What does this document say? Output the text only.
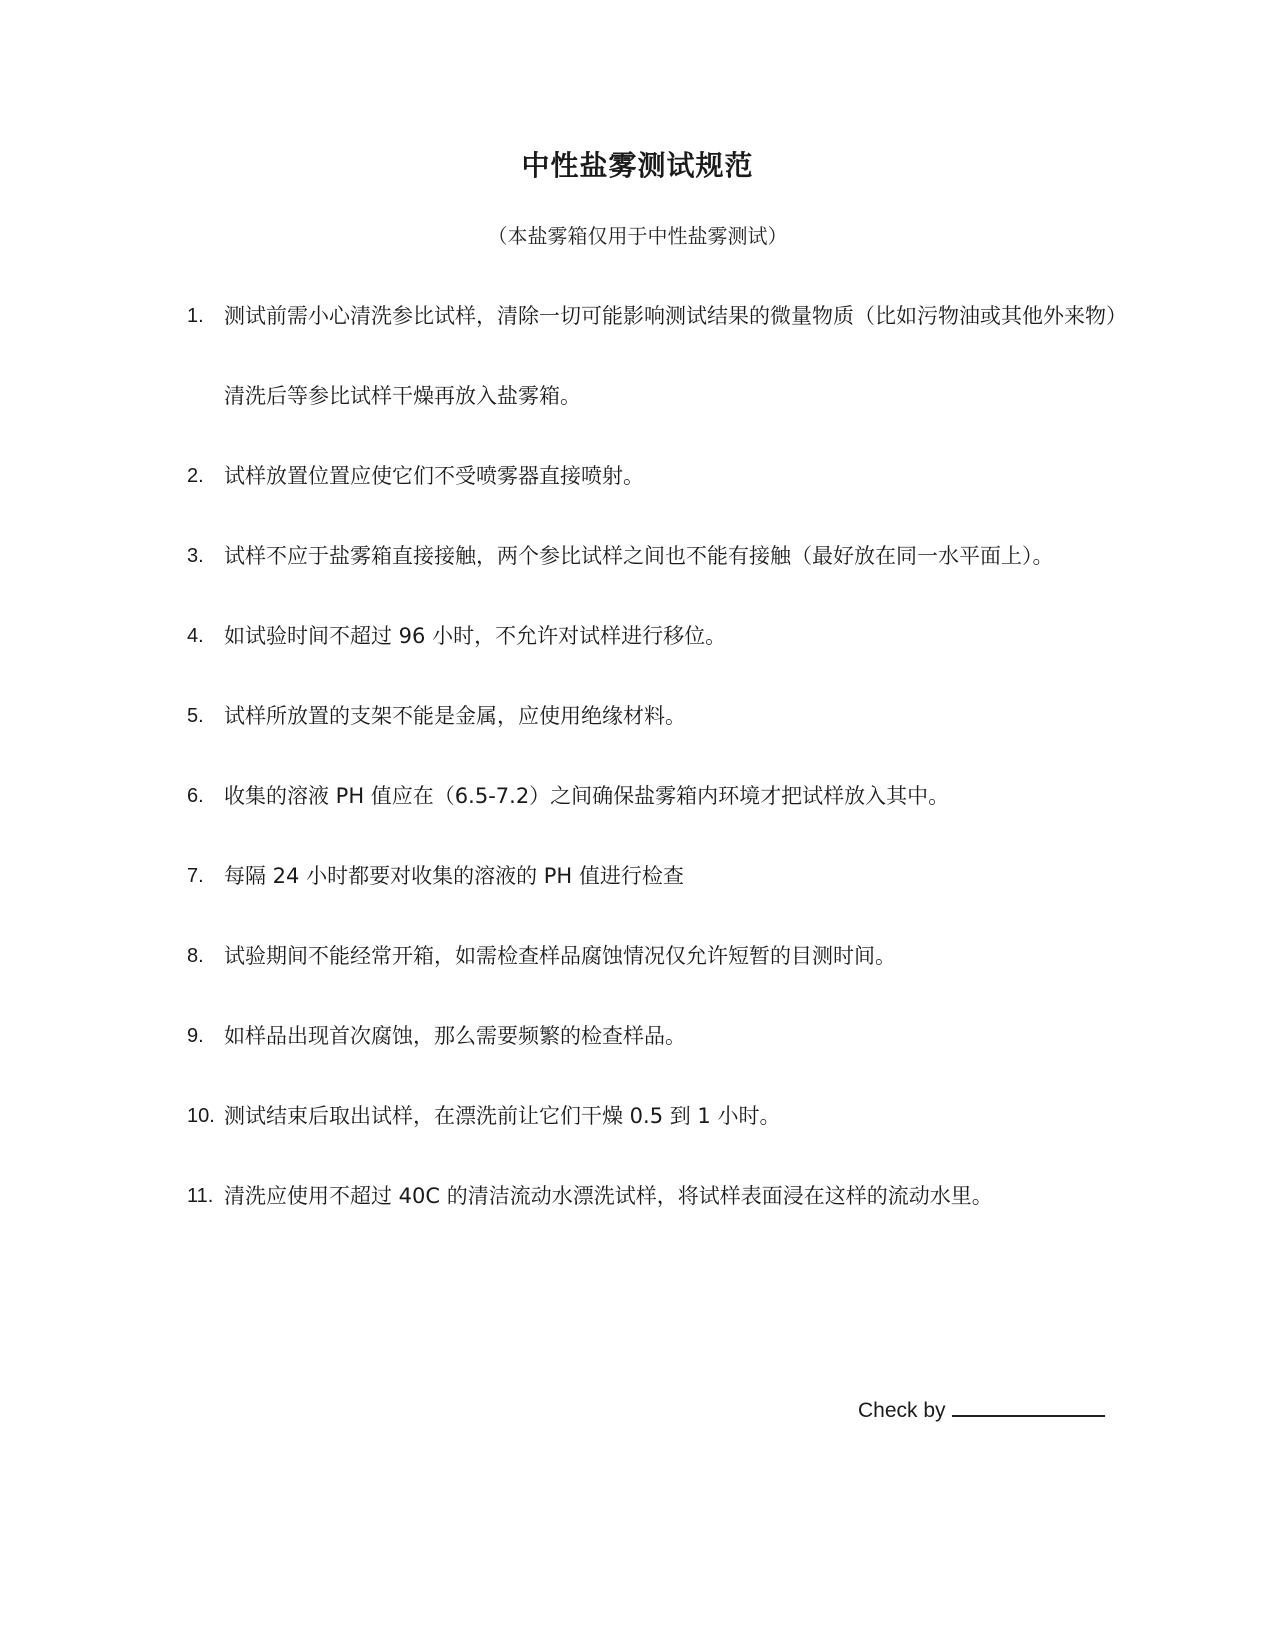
中性盐雾测试规范
（本盐雾箱仅用于中性盐雾测试）
1. 测试前需小心清洗参比试样，清除一切可能影响测试结果的微量物质（比如污物油或其他外来物）清洗后等参比试样干燥再放入盐雾箱。
2. 试样放置位置应使它们不受喷雾器直接喷射。
3. 试样不应于盐雾箱直接接触，两个参比试样之间也不能有接触（最好放在同一水平面上）。
4. 如试验时间不超过 96 小时，不允许对试样进行移位。
5. 试样所放置的支架不能是金属，应使用绝缘材料。
6. 收集的溶液 PH 值应在（6.5-7.2）之间确保盐雾箱内环境才把试样放入其中。
7. 每隔 24 小时都要对收集的溶液的 PH 值进行检查
8. 试验期间不能经常开箱，如需检查样品腐蚀情况仅允许短暂的目测时间。
9. 如样品出现首次腐蚀，那么需要频繁的检查样品。
10. 测试结束后取出试样，在漂洗前让它们干燥 0.5 到 1 小时。
11. 清洗应使用不超过 40C 的清洁流动水漂洗试样，将试样表面浸在这样的流动水里。
Check by
